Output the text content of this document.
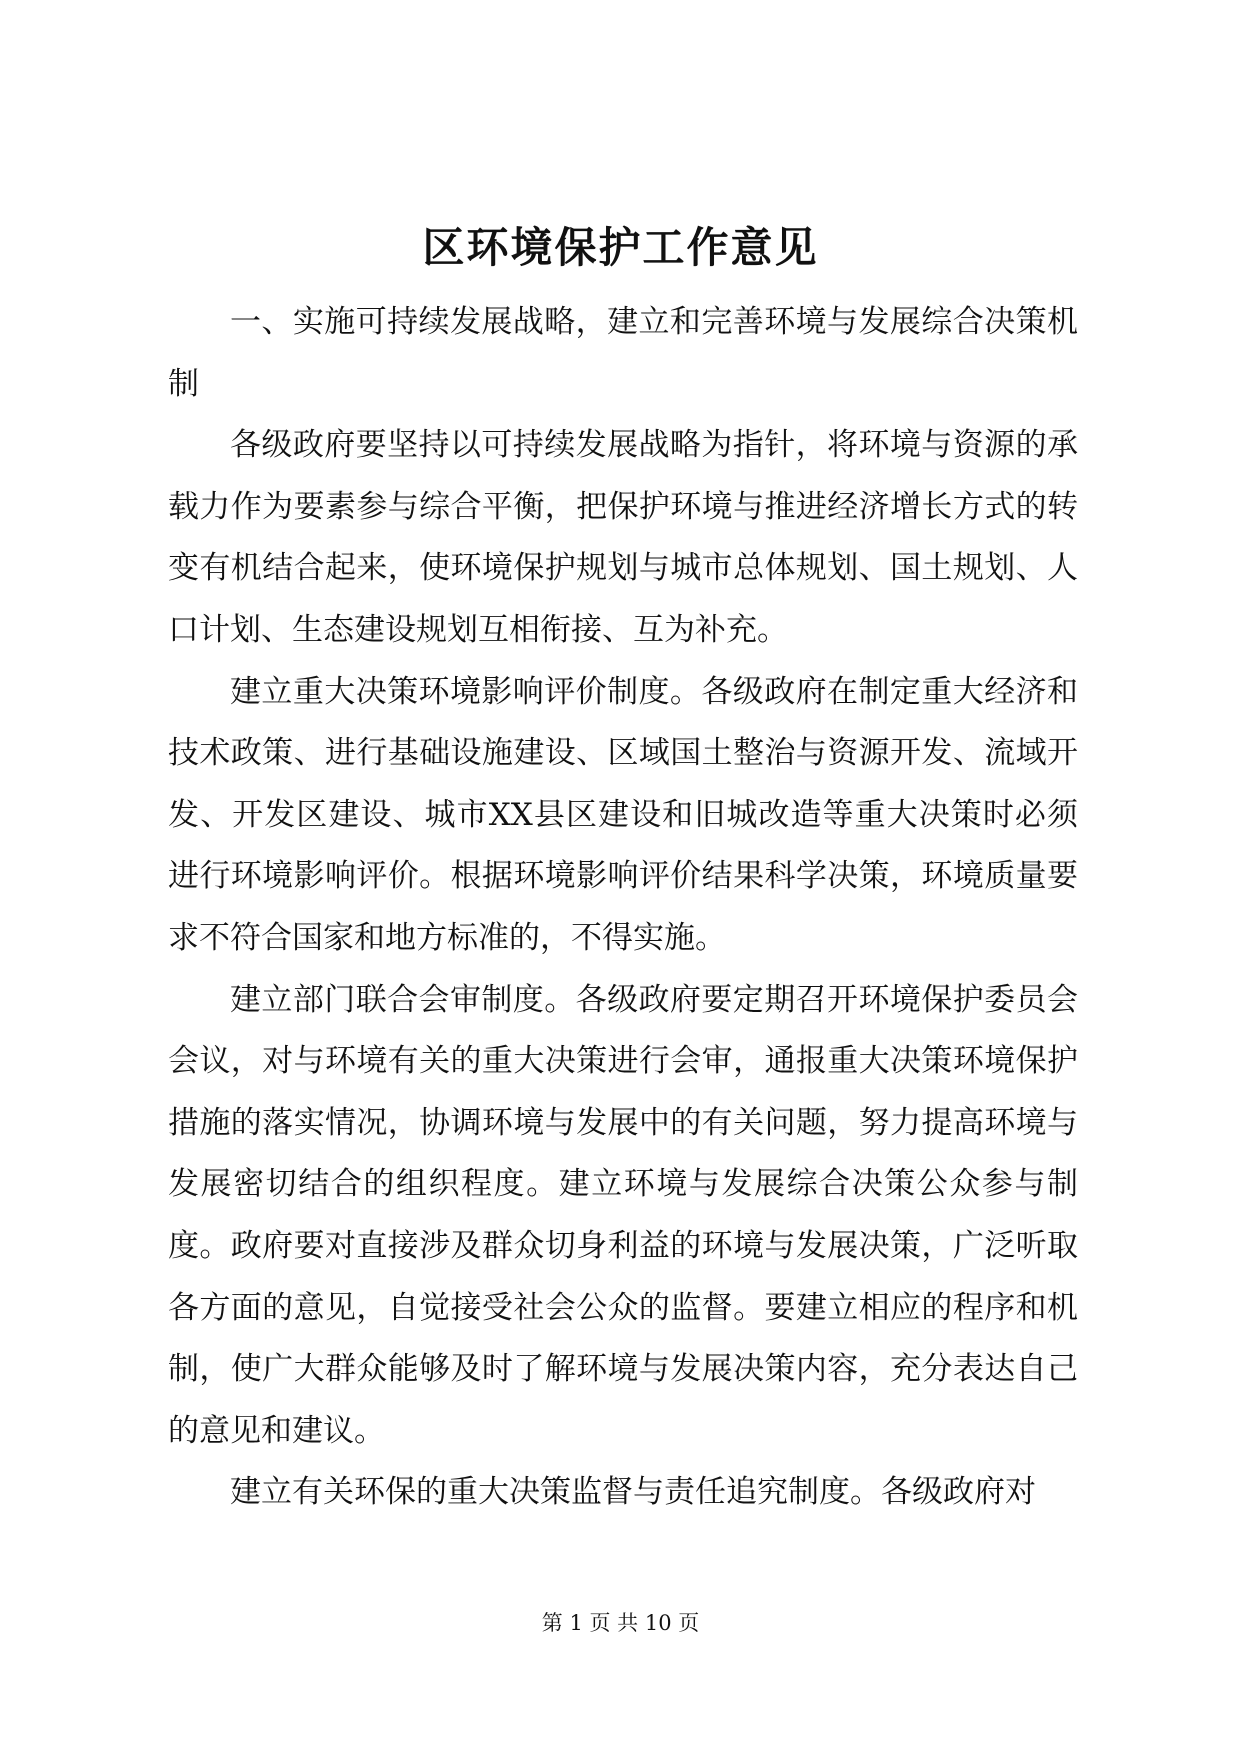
区环境保护工作意见

一、实施可持续发展战略，建立和完善环境与发展综合决策机制

各级政府要坚持以可持续发展战略为指针，将环境与资源的承载力作为要素参与综合平衡，把保护环境与推进经济增长方式的转变有机结合起来，使环境保护规划与城市总体规划、国土规划、人口计划、生态建设规划互相衔接、互为补充。

建立重大决策环境影响评价制度。各级政府在制定重大经济和技术政策、进行基础设施建设、区域国土整治与资源开发、流域开发、开发区建设、城市XX县区建设和旧城改造等重大决策时必须进行环境影响评价。根据环境影响评价结果科学决策，环境质量要求不符合国家和地方标准的，不得实施。

建立部门联合会审制度。各级政府要定期召开环境保护委员会会议，对与环境有关的重大决策进行会审，通报重大决策环境保护措施的落实情况，协调环境与发展中的有关问题，努力提高环境与发展密切结合的组织程度。建立环境与发展综合决策公众参与制度。政府要对直接涉及群众切身利益的环境与发展决策，广泛听取各方面的意见，自觉接受社会公众的监督。要建立相应的程序和机制，使广大群众能够及时了解环境与发展决策内容，充分表达自己的意见和建议。

建立有关环保的重大决策监督与责任追究制度。各级政府对

第 1 页 共 10 页
